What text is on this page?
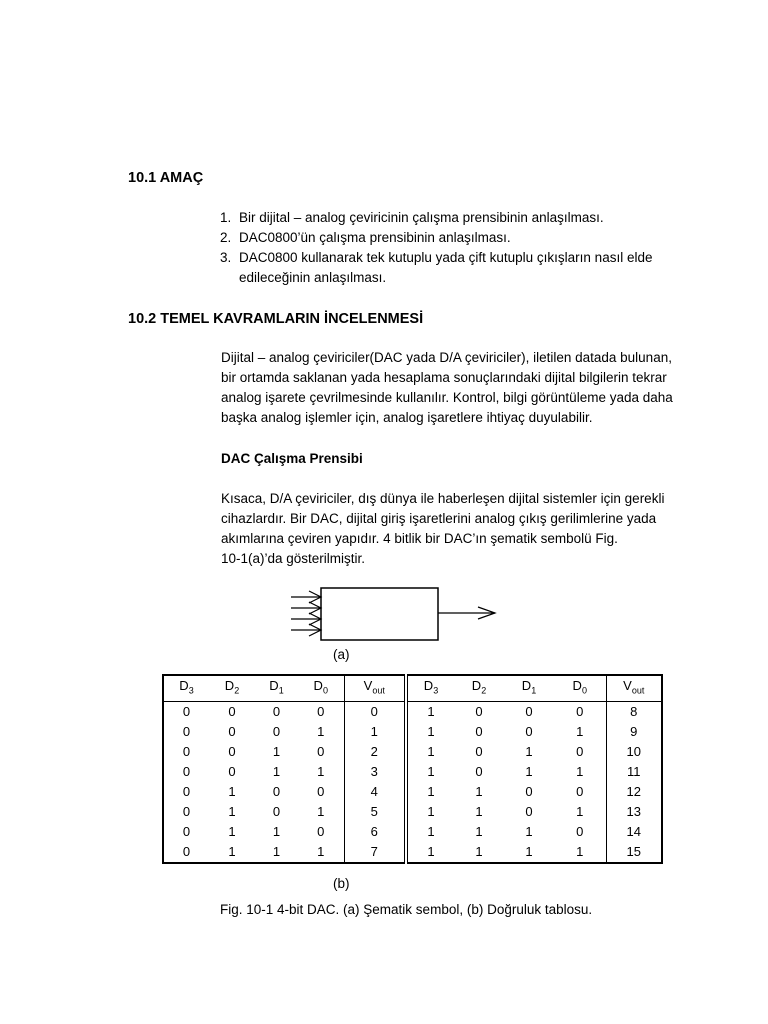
10.1 AMAÇ
1. Bir dijital – analog çeviricinin çalışma prensibinin anlaşılması.
2. DAC0800’ün çalışma prensibinin anlaşılması.
3. DAC0800 kullanarak tek kutuplu yada çift kutuplu çıkışların nasıl elde
edileceğinin anlaşılması.
10.2 TEMEL KAVRAMLARIN İNCELENMESİ
Dijital – analog çeviriciler(DAC yada D/A çeviriciler), iletilen datada bulunan,
bir ortamda saklanan yada hesaplama sonuçlarındaki dijital bilgilerin tekrar
analog işarete çevrilmesinde kullanılır. Kontrol, bilgi görüntüleme yada daha
başka analog işlemler için, analog işaretlere ihtiyaç duyulabilir.
DAC Çalışma Prensibi
Kısaca, D/A çeviriciler, dış dünya ile haberleşen dijital sistemler için gerekli
cihazlardır. Bir DAC, dijital giriş işaretlerini analog çıkış gerilimlerine yada
akımlarına çeviren yapıdır. 4 bitlik bir DAC’ın şematik sembolü Fig.
10-1(a)’da gösterilmiştir.
(a)
$D_3$	$D_2$	$D_1$	$D_0$	$V_{out}$	$D_3$	$D_2$	$D_1$	$D_0$	$V_{out}$
0	0	0	0	0	1	0	0	0	8
0	0	0	1	1	1	0	0	1	9
0	0	1	0	2	1	0	1	0	10
0	0	1	1	3	1	0	1	1	11
0	1	0	0	4	1	1	0	0	12
0	1	0	1	5	1	1	0	1	13
0	1	1	0	6	1	1	1	0	14
0	1	1	1	7	1	1	1	1	15
(b)
Fig. 10-1 4-bit DAC. (a) Şematik sembol, (b) Doğruluk tablosu.
